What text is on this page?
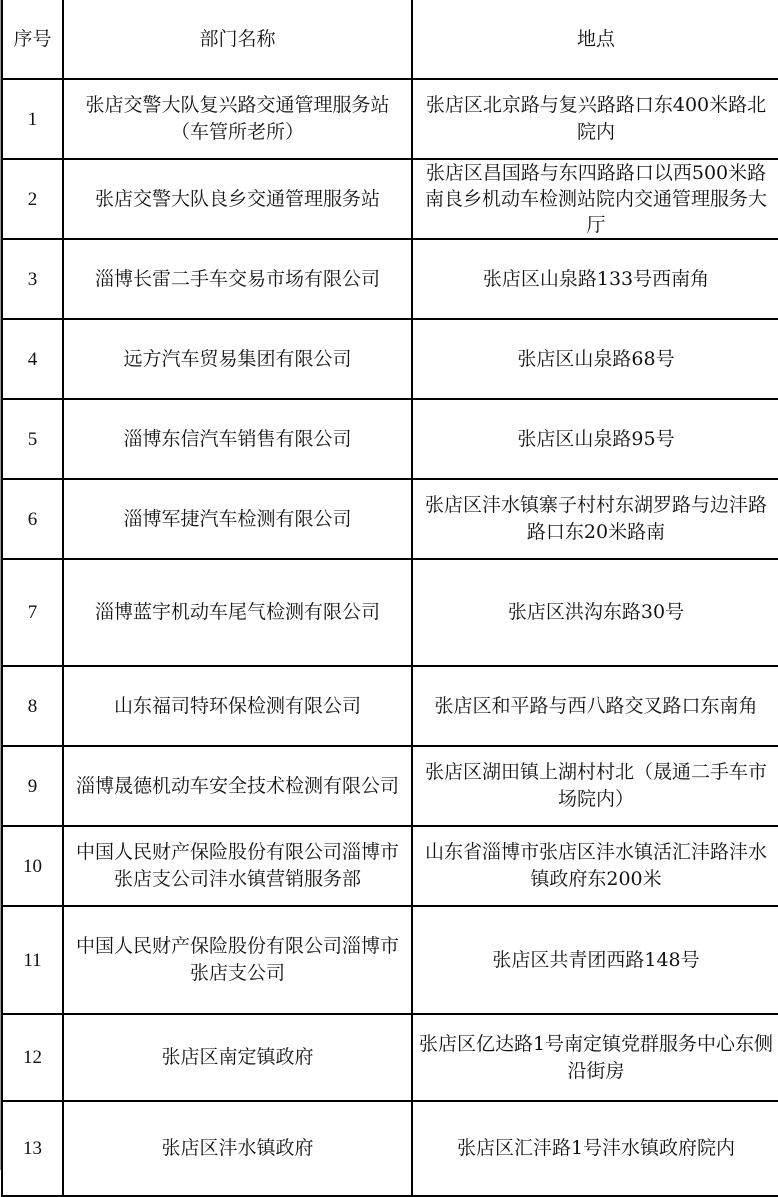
序号	部门名称	地点
1	张店交警大队复兴路交通管理服务站（车管所老所）	张店区北京路与复兴路路口东400米路北院内
2	张店交警大队良乡交通管理服务站	张店区昌国路与东四路路口以西500米路南良乡机动车检测站院内交通管理服务大厅
3	淄博长雷二手车交易市场有限公司	张店区山泉路133号西南角
4	远方汽车贸易集团有限公司	张店区山泉路68号
5	淄博东信汽车销售有限公司	张店区山泉路95号
6	淄博军捷汽车检测有限公司	张店区沣水镇寨子村村东湖罗路与边沣路路口东20米路南
7	淄博蓝宇机动车尾气检测有限公司	张店区洪沟东路30号
8	山东福司特环保检测有限公司	张店区和平路与西八路交叉路口东南角
9	淄博晟德机动车安全技术检测有限公司	张店区湖田镇上湖村村北（晟通二手车市场院内）
10	中国人民财产保险股份有限公司淄博市张店支公司沣水镇营销服务部	山东省淄博市张店区沣水镇活汇沣路沣水镇政府东200米
11	中国人民财产保险股份有限公司淄博市张店支公司	张店区共青团西路148号
12	张店区南定镇政府	张店区亿达路1号南定镇党群服务中心东侧沿街房
13	张店区沣水镇政府	张店区汇沣路1号沣水镇政府院内
